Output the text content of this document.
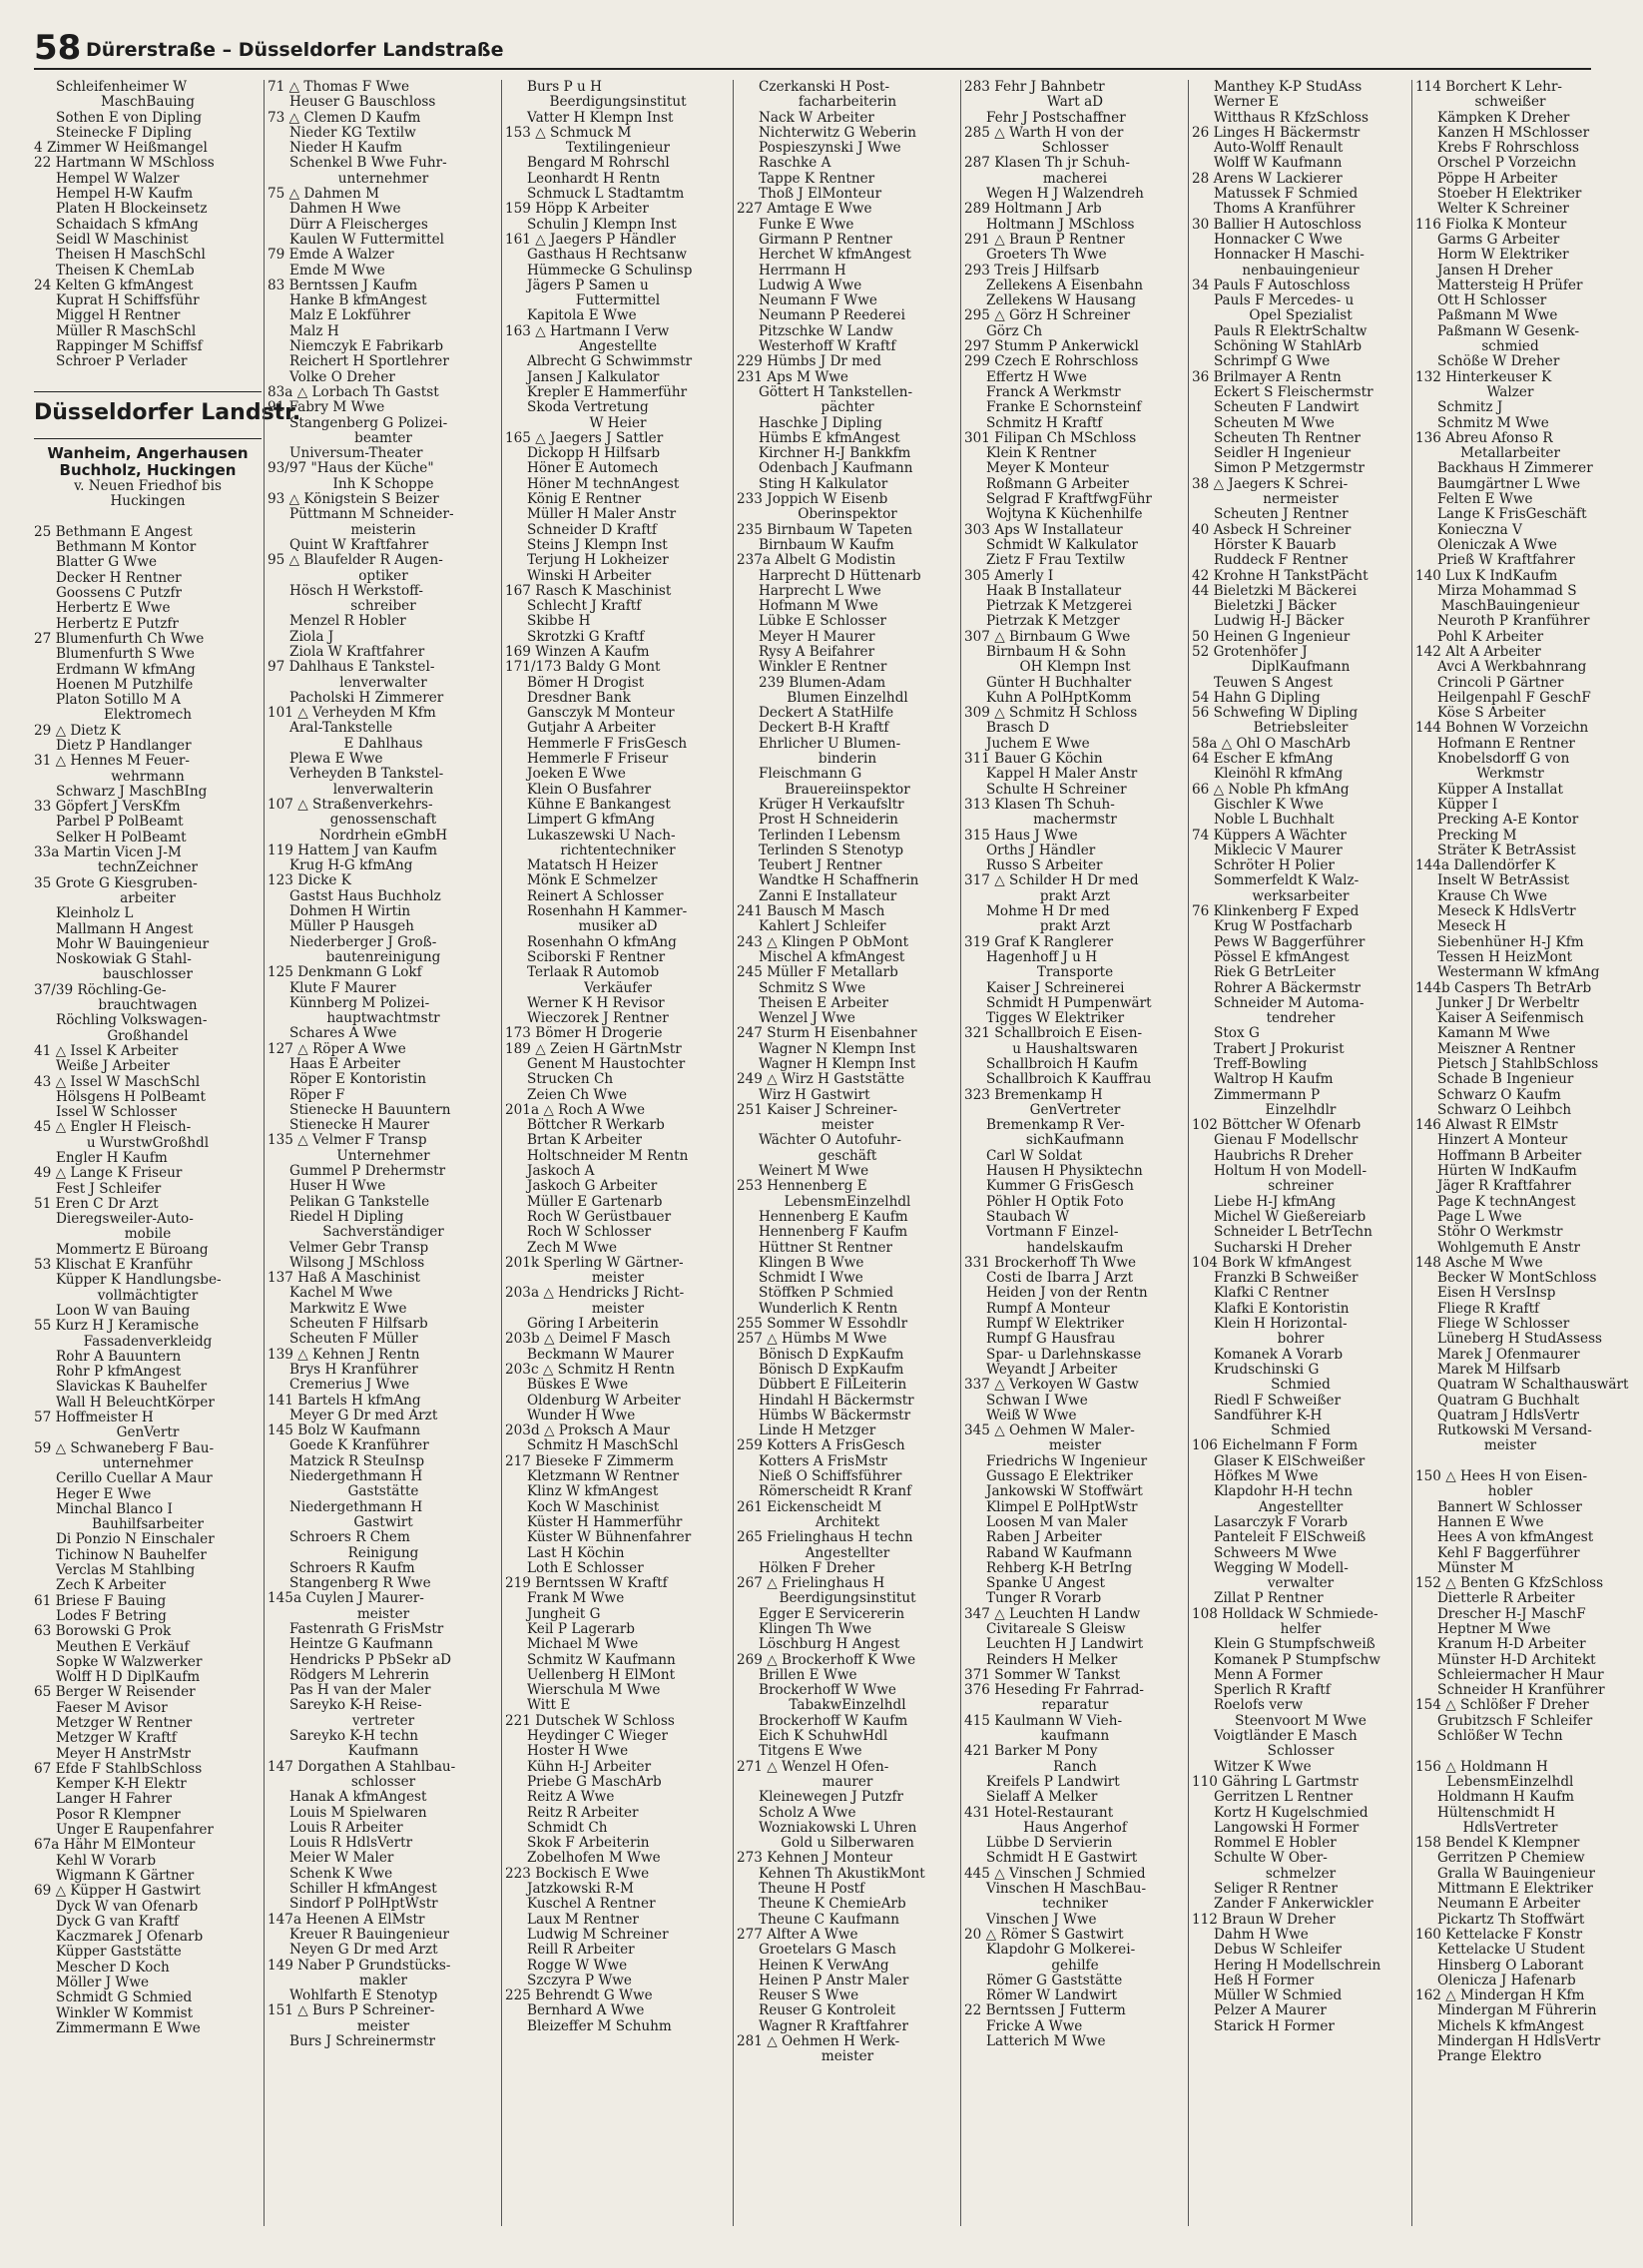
58 Dürerstraße – Düsseldorfer Landstraße
Schleifenheimer W
MaschBauing
Sothen E von Dipling
Steinecke F Dipling
4 Zimmer W Heißmangel
22 Hartmann W MSchloss
Hempel W Walzer
Hempel H-W Kaufm
Platen H Blockeinsetz
Schaidach S kfmAng
Seidl W Maschinist
Theisen H MaschSchl
Theisen K ChemLab
24 Kelten G kfmAngest
Kuprat H Schiffsführ
Miggel H Rentner
Müller R MaschSchl
Rappinger M Schiffsf
Schroer P Verlader
Düsseldorfer Landstr.
Wanheim, Angerhausen
Buchholz, Huckingen
v. Neuen Friedhof bis
Huckingen
25 Bethmann E Angest
Bethmann M Kontor
Blatter G Wwe
Decker H Rentner
Goossens C Putzfr
Herbertz E Wwe
Herbertz E Putzfr
27 Blumenfurth Ch Wwe
Blumenfurth S Wwe
Erdmann W kfmAng
Hoenen M Putzhilfe
Platon Sotillo M A
Elektromech
29 △ Dietz K
Dietz P Handlanger
31 △ Hennes M Feuer-
wehrmann
Schwarz J MaschBIng
33 Göpfert J VersKfm
Parbel P PolBeamt
Selker H PolBeamt
33a Martin Vicen J-M
technZeichner
35 Grote G Kiesgruben-
arbeiter
Kleinholz L
Mallmann H Angest
Mohr W Bauingenieur
Noskowiak G Stahl-
bauschlosser
37/39 Röchling-Ge-
brauchtwagen
Röchling Volkswagen-
Großhandel
41 △ Issel K Arbeiter
Weiße J Arbeiter
43 △ Issel W MaschSchl
Hölsgens H PolBeamt
Issel W Schlosser
45 △ Engler H Fleisch-
u WurstwGroßhdl
Engler H Kaufm
49 △ Lange K Friseur
Fest J Schleifer
51 Eren C Dr Arzt
Dieregsweiler-Auto-
mobile
Mommertz E Büroang
53 Klischat E Kranführ
Küpper K Handlungsbe-
vollmächtigter
Loon W van Bauing
55 Kurz H J Keramische
Fassadenverkleidg
Rohr A Bauuntern
Rohr P kfmAngest
Slavickas K Bauhelfer
Wall H BeleuchtKörper
57 Hoffmeister H
GenVertr
59 △ Schwaneberg F Bau-
unternehmer
Cerillo Cuellar A Maur
Heger E Wwe
Minchal Blanco I
Bauhilfsarbeiter
Di Ponzio N Einschaler
Tichinow N Bauhelfer
Verclas M Stahlbing
Zech K Arbeiter
61 Briese F Bauing
Lodes F Betring
63 Borowski G Prok
Meuthen E Verkäuf
Sopke W Walzwerker
Wolff H D DiplKaufm
65 Berger W Reisender
Faeser M Avisor
Metzger W Rentner
Metzger W Kraftf
Meyer H AnstrMstr
67 Efde F StahlbSchloss
Kemper K-H Elektr
Langer H Fahrer
Posor R Klempner
Unger E Raupenfahrer
67a Hähr M ElMonteur
Kehl W Vorarb
Wigmann K Gärtner
69 △ Küpper H Gastwirt
Dyck W van Ofenarb
Dyck G van Kraftf
Kaczmarek J Ofenarb
Küpper Gaststätte
Mescher D Koch
Möller J Wwe
Schmidt G Schmied
Winkler W Kommist
Zimmermann E Wwe
71 △ Thomas F Wwe
Heuser G Bauschloss
73 △ Clemen D Kaufm
Nieder KG Textilw
Nieder H Kaufm
Schenkel B Wwe Fuhr-
unternehmer
75 △ Dahmen M
Dahmen H Wwe
Dürr A Fleischerges
Kaulen W Futtermittel
79 Emde A Walzer
Emde M Wwe
83 Berntssen J Kaufm
Hanke B kfmAngest
Malz E Lokführer
Malz H
Niemczyk E Fabrikarb
Reichert H Sportlehrer
Volke O Dreher
83a △ Lorbach Th Gastst
91 Fabry M Wwe
Stangenberg G Polizei-
beamter
Universum-Theater
93/97 "Haus der Küche"
Inh K Schoppe
93 △ Königstein S Beizer
Püttmann M Schneider-
meisterin
Quint W Kraftfahrer
95 △ Blaufelder R Augen-
optiker
Hösch H Werkstoff-
schreiber
Menzel R Hobler
Ziola J
Ziola W Kraftfahrer
97 Dahlhaus E Tankstel-
lenverwalter
Pacholski H Zimmerer
101 △ Verheyden M Kfm
Aral-Tankstelle
E Dahlhaus
Plewa E Wwe
Verheyden B Tankstel-
lenverwalterin
107 △ Straßenverkehrs-
genossenschaft
Nordrhein eGmbH
119 Hattem J van Kaufm
Krug H-G kfmAng
123 Dicke K
Gastst Haus Buchholz
Dohmen H Wirtin
Müller P Hausgeh
Niederberger J Groß-
bautenreinigung
125 Denkmann G Lokf
Klute F Maurer
Künnberg M Polizei-
hauptwachtmstr
Schares A Wwe
127 △ Röper A Wwe
Haas E Arbeiter
Röper E Kontoristin
Röper F
Stienecke H Bauuntern
Stienecke H Maurer
135 △ Velmer F Transp
Unternehmer
Gummel P Drehermstr
Huser H Wwe
Pelikan G Tankstelle
Riedel H Dipling
Sachverständiger
Velmer Gebr Transp
Wilsong J MSchloss
137 Haß A Maschinist
Kachel M Wwe
Markwitz E Wwe
Scheuten F Hilfsarb
Scheuten F Müller
139 △ Kehnen J Rentn
Brys H Kranführer
Cremerius J Wwe
141 Bartels H kfmAng
Meyer G Dr med Arzt
145 Bolz W Kaufmann
Goede K Kranführer
Matzick R SteuInsp
Niedergethmann H
Gaststätte
Niedergethmann H
Gastwirt
Schroers R Chem
Reinigung
Schroers R Kaufm
Stangenberg R Wwe
145a Cuylen J Maurer-
meister
Fastenrath G FrisMstr
Heintze G Kaufmann
Hendricks P PbSekr aD
Rödgers M Lehrerin
Pas H van der Maler
Sareyko K-H Reise-
vertreter
Sareyko K-H techn
Kaufmann
147 Dorgathen A Stahlbau-
schlosser
Hanak A kfmAngest
Louis M Spielwaren
Louis R Arbeiter
Louis R HdlsVertr
Meier W Maler
Schenk K Wwe
Schiller H kfmAngest
Sindorf P PolHptWstr
147a Heenen A ElMstr
Kreuer R Bauingenieur
Neyen G Dr med Arzt
149 Naber P Grundstücks-
makler
Wohlfarth E Stenotyp
151 △ Burs P Schreiner-
meister
Burs J Schreinermstr
Burs P u H
Beerdigungsinstitut
Vatter H Klempn Inst
153 △ Schmuck M
Textilingenieur
Bengard M Rohrschl
Leonhardt H Rentn
Schmuck L Stadtamtm
159 Höpp K Arbeiter
Schulin J Klempn Inst
161 △ Jaegers P Händler
Gasthaus H Rechtsanw
Hümmecke G Schulinsp
Jägers P Samen u
Futtermittel
Kapitola E Wwe
163 △ Hartmann I Verw
Angestellte
Albrecht G Schwimmstr
Jansen J Kalkulator
Krepler E Hammerführ
Skoda Vertretung
W Heier
165 △ Jaegers J Sattler
Dickopp H Hilfsarb
Höner E Automech
Höner M technAngest
König E Rentner
Müller H Maler Anstr
Schneider D Kraftf
Steins J Klempn Inst
Terjung H Lokheizer
Winski H Arbeiter
167 Rasch K Maschinist
Schlecht J Kraftf
Skibbe H
Skrotzki G Kraftf
169 Winzen A Kaufm
171/173 Baldy G Mont
Bömer H Drogist
Dresdner Bank
Gansczyk M Monteur
Gutjahr A Arbeiter
Hemmerle F FrisGesch
Hemmerle F Friseur
Joeken E Wwe
Klein O Busfahrer
Kühne E Bankangest
Limpert G kfmAng
Lukaszewski U Nach-
richtentechniker
Matatsch H Heizer
Mönk E Schmelzer
Reinert A Schlosser
Rosenhahn H Kammer-
musiker aD
Rosenhahn O kfmAng
Sciborski F Rentner
Terlaak R Automob
Verkäufer
Werner K H Revisor
Wieczorek J Rentner
173 Bömer H Drogerie
189 △ Zeien H GärtnMstr
Genent M Haustochter
Strucken Ch
Zeien Ch Wwe
201a △ Roch A Wwe
Böttcher R Werkarb
Brtan K Arbeiter
Holtschneider M Rentn
Jaskoch A
Jaskoch G Arbeiter
Müller E Gartenarb
Roch W Gerüstbauer
Roch W Schlosser
Zech M Wwe
201k Sperling W Gärtner-
meister
203a △ Hendricks J Richt-
meister
Göring I Arbeiterin
203b △ Deimel F Masch
Beckmann W Maurer
203c △ Schmitz H Rentn
Büskes E Wwe
Oldenburg W Arbeiter
Wunder H Wwe
203d △ Proksch A Maur
Schmitz H MaschSchl
217 Bieseke F Zimmerm
Kletzmann W Rentner
Klinz W kfmAngest
Koch W Maschinist
Küster H Hammerführ
Küster W Bühnenfahrer
Last H Köchin
Loth E Schlosser
219 Berntssen W Kraftf
Frank M Wwe
Jungheit G
Keil P Lagerarb
Michael M Wwe
Schmitz W Kaufmann
Uellenberg H ElMont
Wierschula M Wwe
Witt E
221 Dutschek W Schloss
Heydinger C Wieger
Hoster H Wwe
Kühn H-J Arbeiter
Priebe G MaschArb
Reitz A Wwe
Reitz R Arbeiter
Schmidt Ch
Skok F Arbeiterin
Zobelhofen M Wwe
223 Bockisch E Wwe
Jatzkowski R-M
Kuschel A Rentner
Laux M Rentner
Ludwig M Schreiner
Reill R Arbeiter
Rogge W Wwe
Szczyra P Wwe
225 Behrendt G Wwe
Bernhard A Wwe
Bleizeffer M Schuhm
Czerkanski H Post-
facharbeiterin
Nack W Arbeiter
Nichterwitz G Weberin
Pospieszynski J Wwe
Raschke A
Tappe K Rentner
Thoß J ElMonteur
227 Amtage E Wwe
Funke E Wwe
Girmann P Rentner
Herchet W kfmAngest
Herrmann H
Ludwig A Wwe
Neumann F Wwe
Neumann P Reederei
Pitzschke W Landw
Westerhoff W Kraftf
229 Hümbs J Dr med
231 Aps M Wwe
Göttert H Tankstellen-
pächter
Haschke J Dipling
Hümbs E kfmAngest
Kirchner H-J Bankkfm
Odenbach J Kaufmann
Sting H Kalkulator
233 Joppich W Eisenb
Oberinspektor
235 Birnbaum W Tapeten
Birnbaum W Kaufm
237a Albelt G Modistin
Harprecht D Hüttenarb
Harprecht L Wwe
Hofmann M Wwe
Lübke E Schlosser
Meyer H Maurer
Rysy A Beifahrer
Winkler E Rentner
239 Blumen-Adam
Blumen Einzelhdl
Deckert A StatHilfe
Deckert B-H Kraftf
Ehrlicher U Blumen-
binderin
Fleischmann G
Brauereiinspektor
Krüger H Verkaufsltr
Prost H Schneiderin
Terlinden I Lebensm
Terlinden S Stenotyp
Teubert J Rentner
Wandtke H Schaffnerin
Zanni E Installateur
241 Bausch M Masch
Kahlert J Schleifer
243 △ Klingen P ObMont
Mischel A kfmAngest
245 Müller F Metallarb
Schmitz S Wwe
Theisen E Arbeiter
Wenzel J Wwe
247 Sturm H Eisenbahner
Wagner N Klempn Inst
Wagner H Klempn Inst
249 △ Wirz H Gaststätte
Wirz H Gastwirt
251 Kaiser J Schreiner-
meister
Wächter O Autofuhr-
geschäft
Weinert M Wwe
253 Hennenberg E
LebensmEinzelhdl
Hennenberg E Kaufm
Hennenberg F Kaufm
Hüttner St Rentner
Klingen B Wwe
Schmidt I Wwe
Stöffken P Schmied
Wunderlich K Rentn
255 Sommer W Essohdlr
257 △ Hümbs M Wwe
Bönisch D ExpKaufm
Bönisch D ExpKaufm
Dübbert E FilLeiterin
Hindahl H Bäckermstr
Hümbs W Bäckermstr
Linde H Metzger
259 Kotters A FrisGesch
Kotters A FrisMstr
Nieß O Schiffsführer
Römerscheidt R Kranf
261 Eickenscheidt M
Architekt
265 Frielinghaus H techn
Angestellter
Hölken F Dreher
267 △ Frielinghaus H
Beerdigungsinstitut
Egger E Servicererin
Klingen Th Wwe
Löschburg H Angest
269 △ Brockerhoff K Wwe
Brillen E Wwe
Brockerhoff W Wwe
TabakwEinzelhdl
Brockerhoff W Kaufm
Eich K SchuhwHdl
Titgens E Wwe
271 △ Wenzel H Ofen-
maurer
Kleinewegen J Putzfr
Scholz A Wwe
Wozniakowski L Uhren
Gold u Silberwaren
273 Kehnen J Monteur
Kehnen Th AkustikMont
Theune H Postf
Theune K ChemieArb
Theune C Kaufmann
277 Alfter A Wwe
Groetelars G Masch
Heinen K VerwAng
Heinen P Anstr Maler
Reuser S Wwe
Reuser G Kontroleit
Wagner R Kraftfahrer
281 △ Oehmen H Werk-
meister
283 Fehr J Bahnbetr
Wart aD
Fehr J Postschaffner
285 △ Warth H von der
Schlosser
287 Klasen Th jr Schuh-
macherei
Wegen H J Walzendreh
289 Holtmann J Arb
Holtmann J MSchloss
291 △ Braun P Rentner
Groeters Th Wwe
293 Treis J Hilfsarb
Zellekens A Eisenbahn
Zellekens W Hausang
295 △ Görz H Schreiner
Görz Ch
297 Stumm P Ankerwickl
299 Czech E Rohrschloss
Effertz H Wwe
Franck A Werkmstr
Franke E Schornsteinf
Schmitz H Kraftf
301 Filipan Ch MSchloss
Klein K Rentner
Meyer K Monteur
Roßmann G Arbeiter
Selgrad F KraftfwgFühr
Wojtyna K Küchenhilfe
303 Aps W Installateur
Schmidt W Kalkulator
Zietz F Frau Textilw
305 Amerly I
Haak B Installateur
Pietrzak K Metzgerei
Pietrzak K Metzger
307 △ Birnbaum G Wwe
Birnbaum H & Sohn
OH Klempn Inst
Günter H Buchhalter
Kuhn A PolHptKomm
309 △ Schmitz H Schloss
Brasch D
Juchem E Wwe
311 Bauer G Köchin
Kappel H Maler Anstr
Schulte H Schreiner
313 Klasen Th Schuh-
machermstr
315 Haus J Wwe
Orths J Händler
Russo S Arbeiter
317 △ Schilder H Dr med
prakt Arzt
Mohme H Dr med
prakt Arzt
319 Graf K Ranglerer
Hagenhoff J u H
Transporte
Kaiser J Schreinerei
Schmidt H Pumpenwärt
Tigges W Elektriker
321 Schallbroich E Eisen-
u Haushaltswaren
Schallbroich H Kaufm
Schallbroich K Kauffrau
323 Bremenkamp H
GenVertreter
Bremenkamp R Ver-
sichKaufmann
Carl W Soldat
Hausen H Physiktechn
Kummer G FrisGesch
Pöhler H Optik Foto
Staubach W
Vortmann F Einzel-
handelskaufm
331 Brockerhoff Th Wwe
Costi de Ibarra J Arzt
Heiden J von der Rentn
Rumpf A Monteur
Rumpf W Elektriker
Rumpf G Hausfrau
Spar- u Darlehnskasse
Weyandt J Arbeiter
337 △ Verkoyen W Gastw
Schwan I Wwe
Weiß W Wwe
345 △ Oehmen W Maler-
meister
Friedrichs W Ingenieur
Gussago E Elektriker
Jankowski W Stoffwärt
Klimpel E PolHptWstr
Loosen M van Maler
Raben J Arbeiter
Raband W Kaufmann
Rehberg K-H BetrIng
Spanke U Angest
Tunger R Vorarb
347 △ Leuchten H Landw
Civitareale S Gleisw
Leuchten H J Landwirt
Reinders H Melker
371 Sommer W Tankst
376 Heseding Fr Fahrrad-
reparatur
415 Kaulmann W Vieh-
kaufmann
421 Barker M Pony
Ranch
Kreifels P Landwirt
Sielaff A Melker
431 Hotel-Restaurant
Haus Angerhof
Lübbe D Servierin
Schmidt H E Gastwirt
445 △ Vinschen J Schmied
Vinschen H MaschBau-
techniker
Vinschen J Wwe
20 △ Römer S Gastwirt
Klapdohr G Molkerei-
gehilfe
Römer G Gaststätte
Römer W Landwirt
22 Berntssen J Futterm
Fricke A Wwe
Latterich M Wwe
Manthey K-P StudAss
Werner E
Witthaus R KfzSchloss
26 Linges H Bäckermstr
Auto-Wolff Renault
Wolff W Kaufmann
28 Arens W Lackierer
Matussek F Schmied
Thoms A Kranführer
30 Ballier H Autoschloss
Honnacker C Wwe
Honnacker H Maschi-
nenbauingenieur
34 Pauls F Autoschloss
Pauls F Mercedes- u
Opel Spezialist
Pauls R ElektrSchaltw
Schöning W StahlArb
Schrimpf G Wwe
36 Brilmayer A Rentn
Eckert S Fleischermstr
Scheuten F Landwirt
Scheuten M Wwe
Scheuten Th Rentner
Seidler H Ingenieur
Simon P Metzgermstr
38 △ Jaegers K Schrei-
nermeister
Scheuten J Rentner
40 Asbeck H Schreiner
Hörster K Bauarb
Ruddeck F Rentner
42 Krohne H TankstPächt
44 Bieletzki M Bäckerei
Bieletzki J Bäcker
Ludwig H-J Bäcker
50 Heinen G Ingenieur
52 Grotenhöfer J
DiplKaufmann
Teuwen S Angest
54 Hahn G Dipling
56 Schwefing W Dipling
Betriebsleiter
58a △ Ohl O MaschArb
64 Escher E kfmAng
Kleinöhl R kfmAng
66 △ Noble Ph kfmAng
Gischler K Wwe
Noble L Buchhalt
74 Küppers A Wächter
Miklecic V Maurer
Schröter H Polier
Sommerfeldt K Walz-
werksarbeiter
76 Klinkenberg F Exped
Krug W Postfacharb
Pews W Baggerführer
Pössel E kfmAngest
Riek G BetrLeiter
Rohrer A Bäckermstr
Schneider M Automa-
tendreher
Stox G
Trabert J Prokurist
Treff-Bowling
Waltrop H Kaufm
Zimmermann P
Einzelhdlr
102 Böttcher W Ofenarb
Gienau F Modellschr
Haubrichs R Dreher
Holtum H von Modell-
schreiner
Liebe H-J kfmAng
Michel W Gießereiarb
Schneider L BetrTechn
Sucharski H Dreher
104 Bork W kfmAngest
Franzki B Schweißer
Klafki C Rentner
Klafki E Kontoristin
Klein H Horizontal-
bohrer
Komanek A Vorarb
Krudschinski G
Schmied
Riedl F Schweißer
Sandführer K-H
Schmied
106 Eichelmann F Form
Glaser K ElSchweißer
Höfkes M Wwe
Klapdohr H-H techn
Angestellter
Lasarczyk F Vorarb
Panteleit F ElSchweiß
Schweers M Wwe
Wegging W Modell-
verwalter
Zillat P Rentner
108 Holldack W Schmiede-
helfer
Klein G Stumpfschweiß
Komanek P Stumpfschw
Menn A Former
Sperlich R Kraftf
Roelofs verw
Steenvoort M Wwe
Voigtländer E Masch
Schlosser
Witzer K Wwe
110 Gähring L Gartmstr
Gerritzen L Rentner
Kortz H Kugelschmied
Langowski H Former
Rommel E Hobler
Schulte W Ober-
schmelzer
Seliger R Rentner
Zander F Ankerwickler
112 Braun W Dreher
Dahm H Wwe
Debus W Schleifer
Hering H Modellschrein
Heß H Former
Müller W Schmied
Pelzer A Maurer
Starick H Former
114 Borchert K Lehr-
schweißer
Kämpken K Dreher
Kanzen H MSchlosser
Krebs F Rohrschloss
Orschel P Vorzeichn
Pöppe H Arbeiter
Stoeber H Elektriker
Welter K Schreiner
116 Fiolka K Monteur
Garms G Arbeiter
Horm W Elektriker
Jansen H Dreher
Mattersteig H Prüfer
Ott H Schlosser
Paßmann M Wwe
Paßmann W Gesenk-
schmied
Schöße W Dreher
132 Hinterkeuser K
Walzer
Schmitz J
Schmitz M Wwe
136 Abreu Afonso R
Metallarbeiter
Backhaus H Zimmerer
Baumgärtner L Wwe
Felten E Wwe
Lange K FrisGeschäft
Konieczna V
Oleniczak A Wwe
Prieß W Kraftfahrer
140 Lux K IndKaufm
Mirza Mohammad S
MaschBauingenieur
Neuroth P Kranführer
Pohl K Arbeiter
142 Alt A Arbeiter
Avci A Werkbahnrang
Crincoli P Gärtner
Heilgenpahl F GeschF
Köse S Arbeiter
144 Bohnen W Vorzeichn
Hofmann E Rentner
Knobelsdorff G von
Werkmstr
Küpper A Installat
Küpper I
Precking A-E Kontor
Precking M
Sträter K BetrAssist
144a Dallendörfer K
Inselt W BetrAssist
Krause Ch Wwe
Meseck K HdlsVertr
Meseck H
Siebenhüner H-J Kfm
Tessen H HeizMont
Westermann W kfmAng
144b Caspers Th BetrArb
Junker J Dr Werbeltr
Kaiser A Seifenmisch
Kamann M Wwe
Meiszner A Rentner
Pietsch J StahlbSchloss
Schade B Ingenieur
Schwarz O Kaufm
Schwarz O Leihbch
146 Alwast R ElMstr
Hinzert A Monteur
Hoffmann B Arbeiter
Hürten W IndKaufm
Jäger R Kraftfahrer
Page K technAngest
Page L Wwe
Stöhr O Werkmstr
Wohlgemuth E Anstr
148 Asche M Wwe
Becker W MontSchloss
Eisen H VersInsp
Fliege R Kraftf
Fliege W Schlosser
Lüneberg H StudAssess
Marek J Ofenmaurer
Marek M Hilfsarb
Quatram W Schalthauswärt
Quatram G Buchhalt
Quatram J HdlsVertr
Rutkowski M Versand-
meister
150 △ Hees H von Eisen-
hobler
Bannert W Schlosser
Hannen E Wwe
Hees A von kfmAngest
Kehl F Baggerführer
Münster M
152 △ Benten G KfzSchloss
Dietterle R Arbeiter
Drescher H-J MaschF
Heptner M Wwe
Kranum H-D Arbeiter
Münster H-D Architekt
Schleiermacher H Maur
Schneider H Kranführer
154 △ Schlößer F Dreher
Grubitzsch F Schleifer
Schlößer W Techn
156 △ Holdmann H
LebensmEinzelhdl
Holdmann H Kaufm
Hültenschmidt H
HdlsVertreter
158 Bendel K Klempner
Gerritzen P Chemiew
Gralla W Bauingenieur
Mittmann E Elektriker
Neumann E Arbeiter
Pickartz Th Stoffwärt
160 Kettelacke F Konstr
Kettelacke U Student
Hinsberg O Laborant
Olenicza J Hafenarb
162 △ Mindergan H Kfm
Mindergan M Führerin
Michels K kfmAngest
Mindergan H HdlsVertr
Prange Elektro
